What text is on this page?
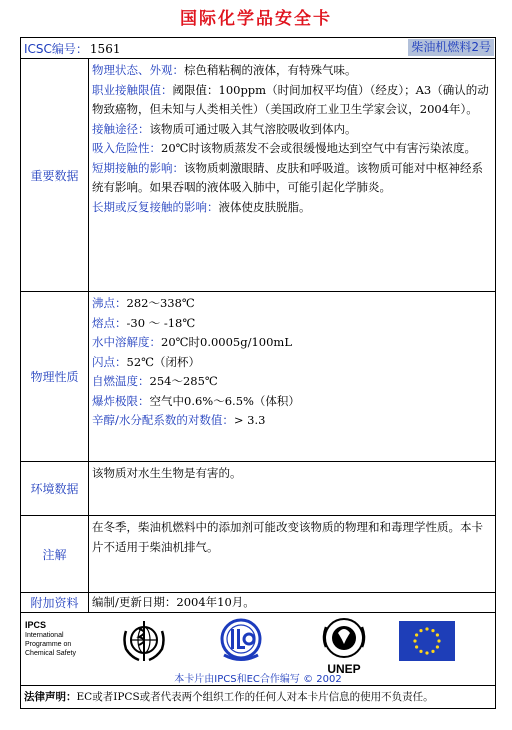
国际化学品安全卡
ICSC编号： 1561	柴油机燃料2号
重要数据

物理状态、外观：棕色稍粘稠的液体，有特殊气味。

职业接触限值：阈限值：100ppm（时间加权平均值）（经皮）；A3（确认的动物致癌物，但未知与人类相关性）（美国政府工业卫生学家会议，2004年）。

接触途径：该物质可通过吸入其气溶胶吸收到体内。

吸入危险性：20℃时该物质蒸发不会或很缓慢地达到空气中有害污染浓度。

短期接触的影响：该物质刺激眼睛、皮肤和呼吸道。该物质可能对中枢神经系统有影响。如果吞咽的液体吸入肺中，可能引起化学肺炎。

长期或反复接触的影响：液体使皮肤脱脂。

物理性质

沸点：282～338℃

熔点：-30 ～ -18℃

水中溶解度：20℃时0.0005g/100mL

闪点：52℃（闭杯）

自燃温度：254～285℃

爆炸极限：空气中0.6%～6.5%（体积）

辛醇/水分配系数的对数值：> 3.3

环境数据
该物质对水生生物是有害的。
注解
在冬季，柴油机燃料中的添加剂可能改变该物质的物理和和毒理学性质。本卡片不适用于柴油机排气。
附加资料	编制/更新日期：2004年10月。
IPCS
International
Programme on
Chemical Safety
UNEP
本卡片由IPCS和EC合作编写 © 2002
法律声明： EC或者IPCS或者代表两个组织工作的任何人对本卡片信息的使用不负责任。
